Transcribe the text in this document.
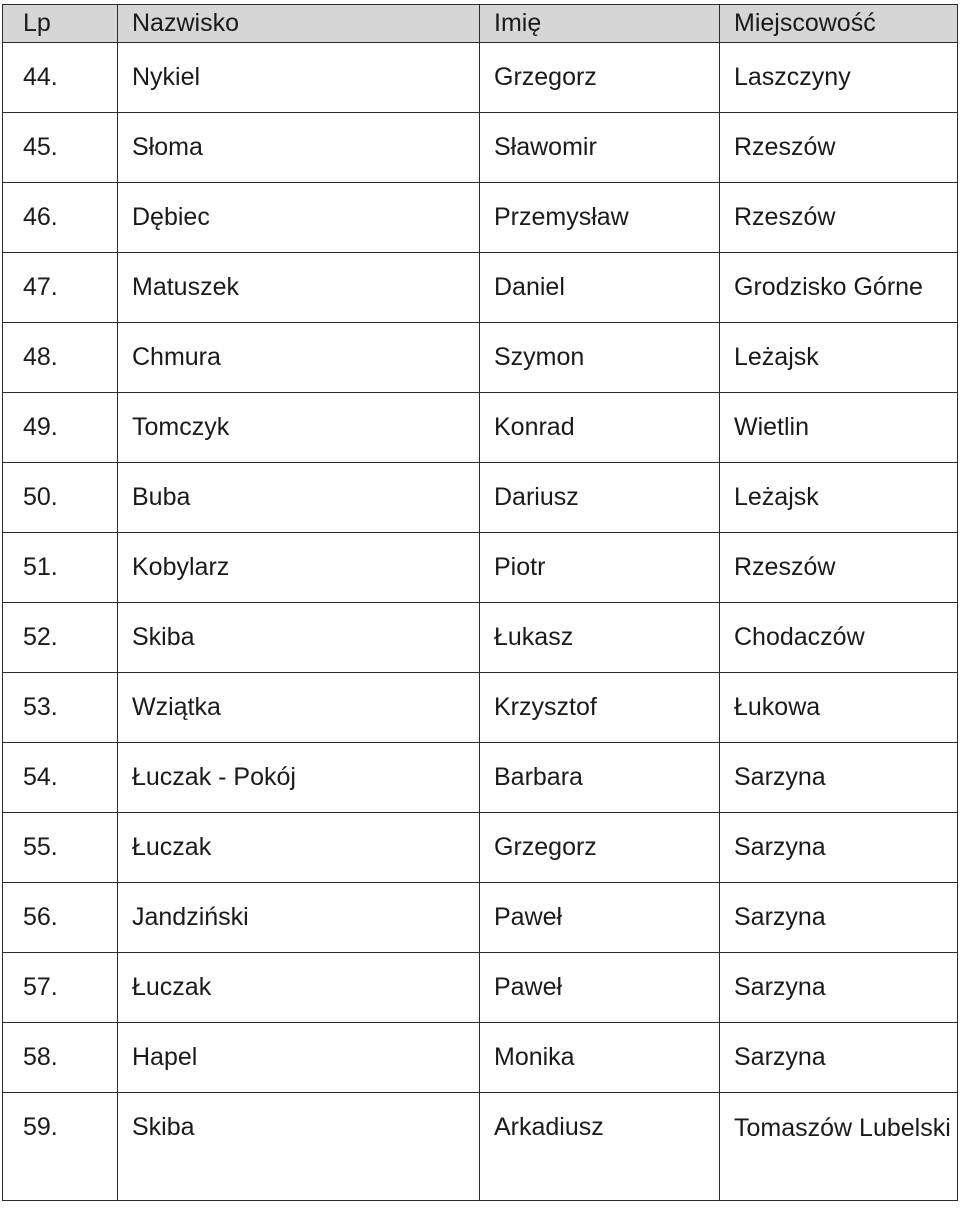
Lp	Nazwisko	Imię	Miejscowość
44.	Nykiel	Grzegorz	Laszczyny
45.	Słoma	Sławomir	Rzeszów
46.	Dębiec	Przemysław	Rzeszów
47.	Matuszek	Daniel	Grodzisko Górne
48.	Chmura	Szymon	Leżajsk
49.	Tomczyk	Konrad	Wietlin
50.	Buba	Dariusz	Leżajsk
51.	Kobylarz	Piotr	Rzeszów
52.	Skiba	Łukasz	Chodaczów
53.	Wziątka	Krzysztof	Łukowa
54.	Łuczak - Pokój	Barbara	Sarzyna
55.	Łuczak	Grzegorz	Sarzyna
56.	Jandziński	Paweł	Sarzyna
57.	Łuczak	Paweł	Sarzyna
58.	Hapel	Monika	Sarzyna
59.	Skiba	Arkadiusz	Tomaszów Lubelski
